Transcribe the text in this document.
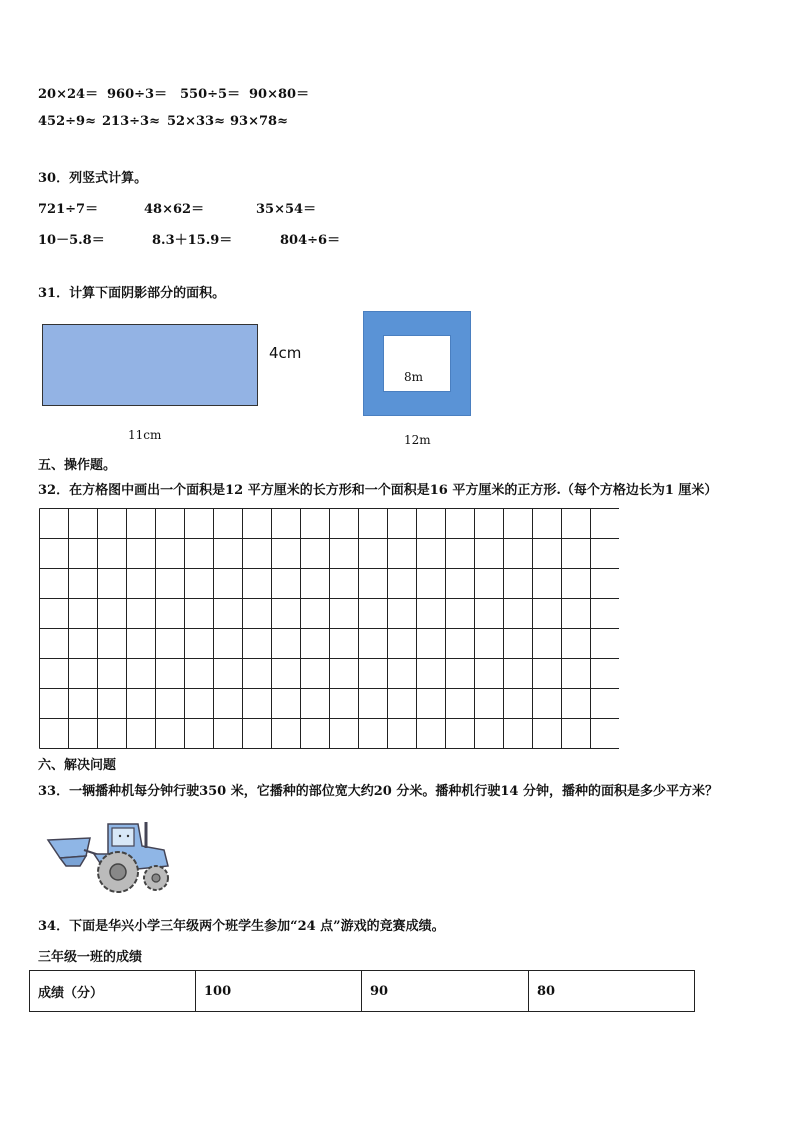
20×24＝ 960÷3＝ 550÷5＝ 90×80＝
452÷9≈ 213÷3≈ 52×33≈ 93×78≈
30．列竖式计算。
721÷7＝	48×62＝	35×54＝
10－5.8＝	8.3＋15.9＝	804÷6＝
31．计算下面阴影部分的面积。
4cm
11cm
8m
12m
五、操作题。
32．在方格图中画出一个面积是12 平方厘米的长方形和一个面积是16 平方厘米的正方形.（每个方格边长为1 厘米）
六、解决问题
33．一辆播种机每分钟行驶350 米，它播种的部位宽大约20 分米。播种机行驶14 分钟，播种的面积是多少平方米？
34．下面是华兴小学三年级两个班学生参加“24 点”游戏的竞赛成绩。
三年级一班的成绩
成绩（分）	100	90	80
